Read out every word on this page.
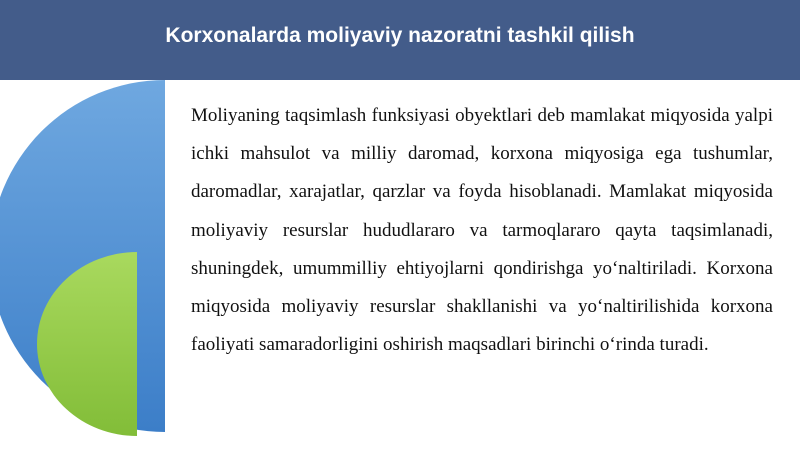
Korxonalarda moliyaviy nazoratni tashkil qilish

Moliyaning taqsimlash funksiyasi obyektlari deb mamlakat miqyosida yalpi ichki mahsulot va milliy daromad, korxona miqyosiga ega tushumlar, daromadlar, xarajatlar, qarzlar va foyda hisoblanadi. Mamlakat miqyosida moliyaviy resurslar hududlararo va tarmoqlararo qayta taqsimlanadi, shuningdek, umummilliy ehtiyojlarni qondirishga yo‘naltiriladi. Korxona miqyosida moliyaviy resurslar shakllanishi va yo‘naltirilishida korxona faoliyati samaradorligini oshirish maqsadlari birinchi o‘rinda turadi.
